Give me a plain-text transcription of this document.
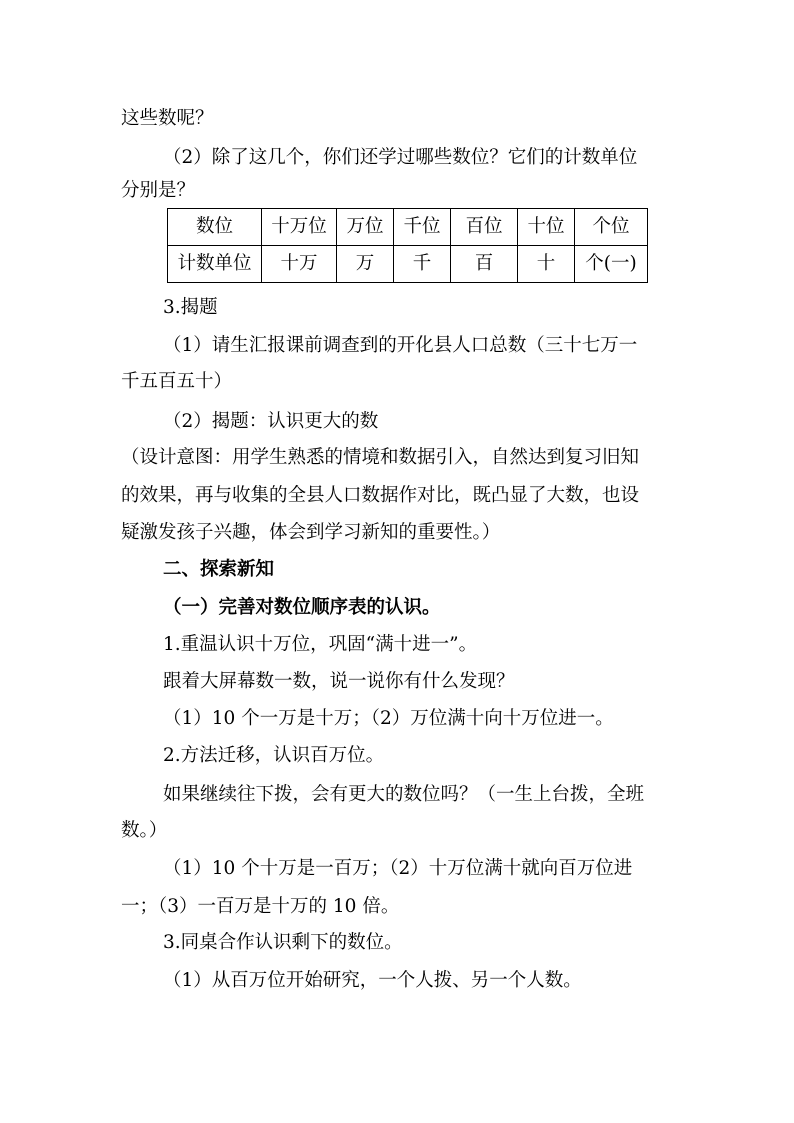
这些数呢？
（2）除了这几个，你们还学过哪些数位？它们的计数单位
分别是？
数位	十万位	万位	千位	百位	十位	个位
计数单位	十万	万	千	百	十	个(一)
3.揭题
（1）请生汇报课前调查到的开化县人口总数（三十七万一
千五百五十）
（2）揭题：认识更大的数
（设计意图：用学生熟悉的情境和数据引入，自然达到复习旧知
的效果，再与收集的全县人口数据作对比，既凸显了大数，也设
疑激发孩子兴趣，体会到学习新知的重要性。）
二、探索新知
（一）完善对数位顺序表的认识。
1.重温认识十万位，巩固“满十进一”。
跟着大屏幕数一数，说一说你有什么发现？
（1）10 个一万是十万；（2）万位满十向十万位进一。
2.方法迁移，认识百万位。
如果继续往下拨，会有更大的数位吗？（一生上台拨，全班
数。）
（1）10 个十万是一百万；（2）十万位满十就向百万位进
一；（3）一百万是十万的 10 倍。
3.同桌合作认识剩下的数位。
（1）从百万位开始研究，一个人拨、另一个人数。
